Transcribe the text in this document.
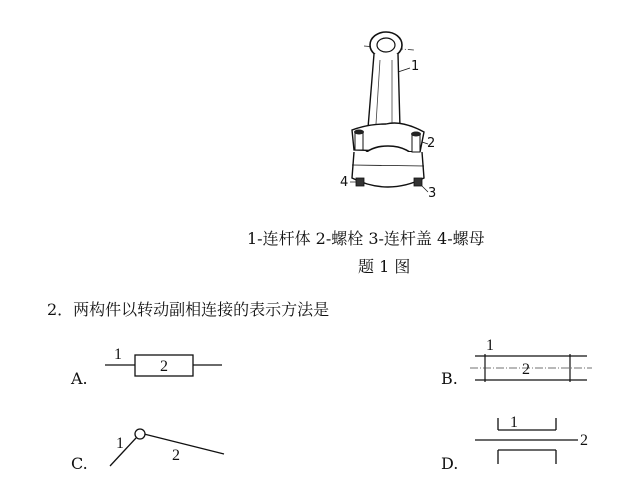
1
2
3
4
1-连杆体 2-螺栓 3-连杆盖 4-螺母
题 1 图
2．两构件以转动副相连接的表示方法是
A.
1
2
B.
1
2
C.
1
2	D.
1
2
